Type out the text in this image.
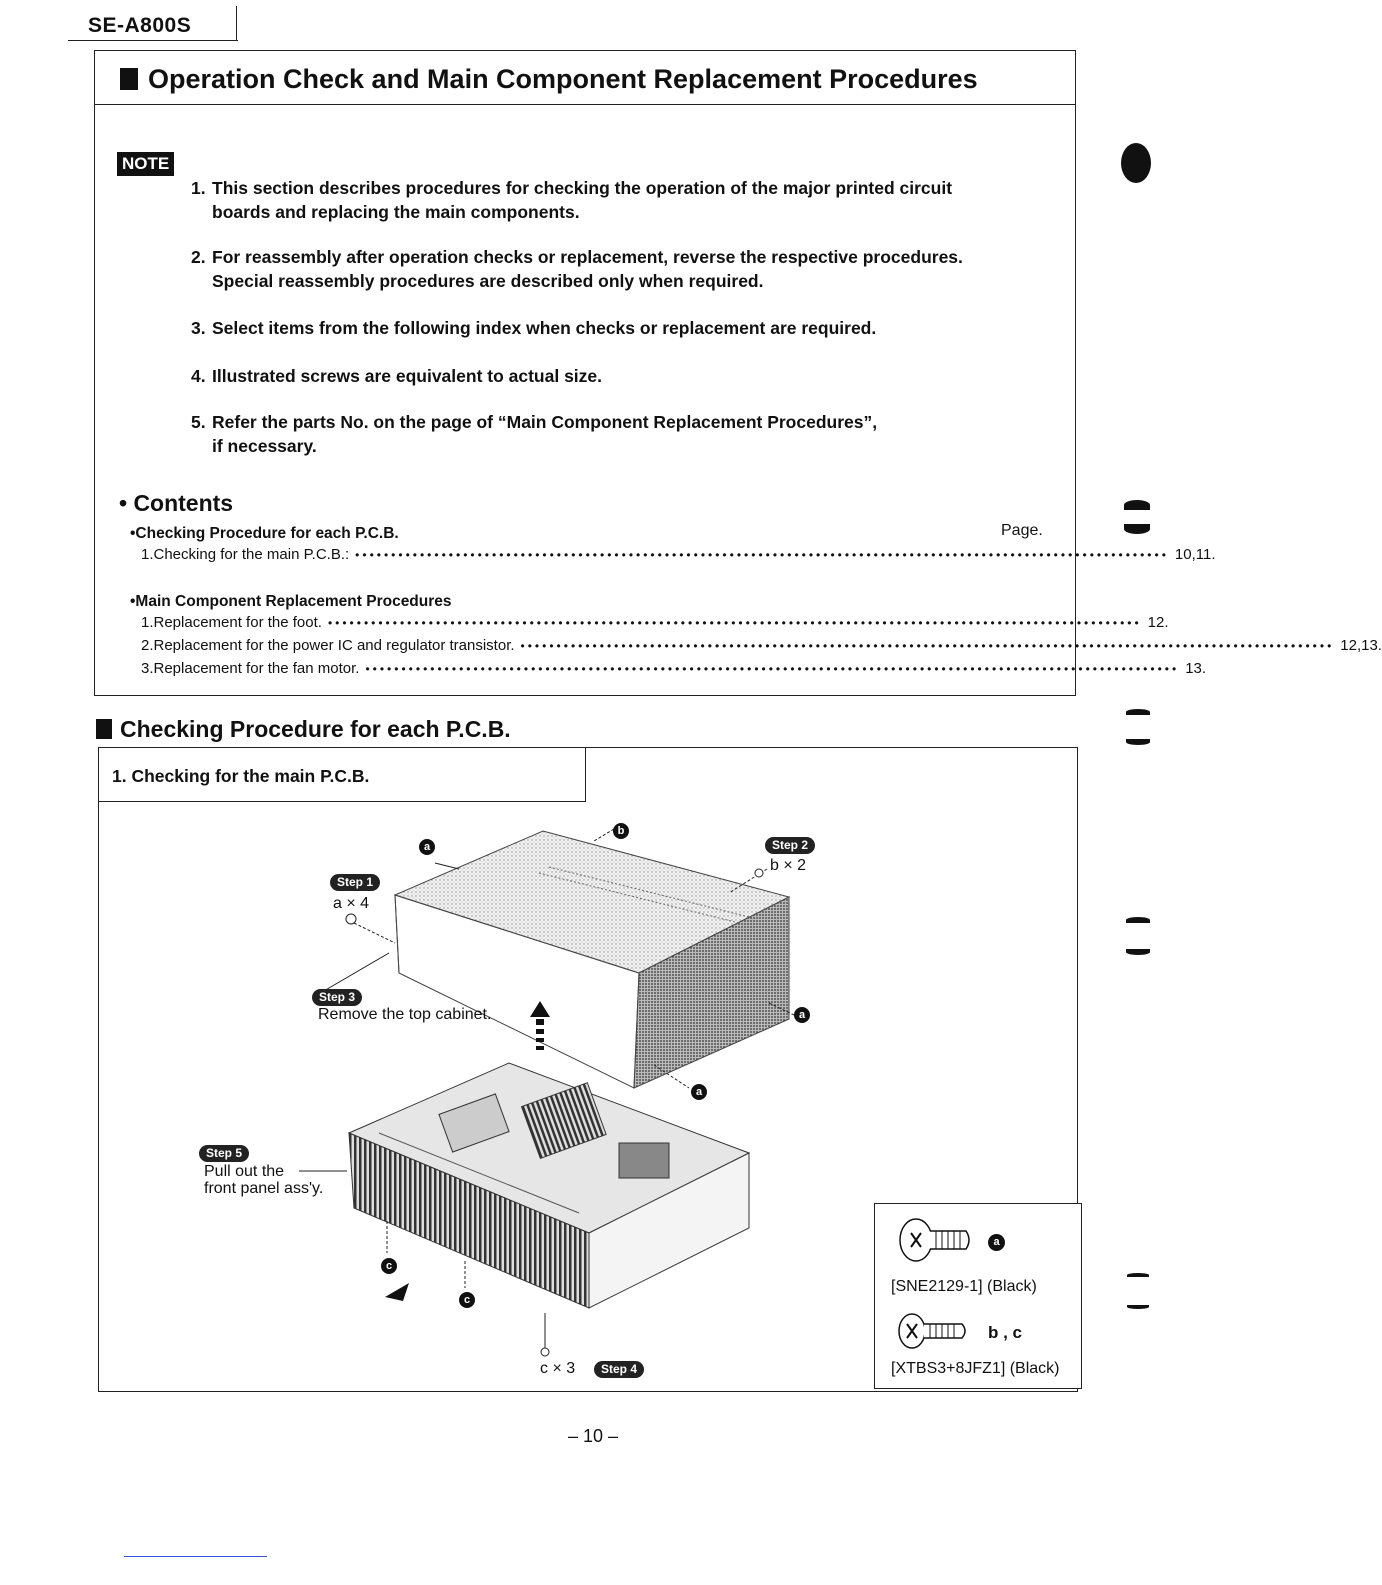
SE-A800S
Operation Check and Main Component Replacement Procedures
NOTE
1. This section describes procedures for checking the operation of the major printed circuit
boards and replacing the main components.
2. For reassembly after operation checks or replacement, reverse the respective procedures.
Special reassembly procedures are described only when required.
3. Select items from the following index when checks or replacement are required.
4. Illustrated screws are equivalent to actual size.
5. Refer the parts No. on the page of “Main Component Replacement Procedures”,
if necessary.
• Contents
•Checking Procedure for each P.C.B.	Page.
1.Checking for the main P.C.B.: ••••••••••••••••••••••••••••••••••••••••••••••••••••••••••••••••••••••••••••••••••••••••••••••••••••••••••••••••• 10,11.
•Main Component Replacement Procedures
1.Replacement for the foot. ••••••••••••••••••••••••••••••••••••••••••••••••••••••••••••••••••••••••••••••••••••••••••••••••••••••••••••••••• 12.
2.Replacement for the power IC and regulator transistor. ••••••••••••••••••••••••••••••••••••••••••••••••••••••••••••••••••••••••••••••••••••••••••••••••••••••••••••••••• 12,13.
3.Replacement for the fan motor. ••••••••••••••••••••••••••••••••••••••••••••••••••••••••••••••••••••••••••••••••••••••••••••••••••••••••••••••••• 13.
Checking Procedure for each P.C.B.
1. Checking for the main P.C.B.
a
b
a
a
c
c
Step 1
a × 4
Step 2
b × 2
Step 3
Remove the top cabinet.
c × 3	Step 4
Step 5
Pull out the
front panel ass'y.
a
[SNE2129-1] (Black)
b , c
[XTBS3+8JFZ1] (Black)
– 10 –
